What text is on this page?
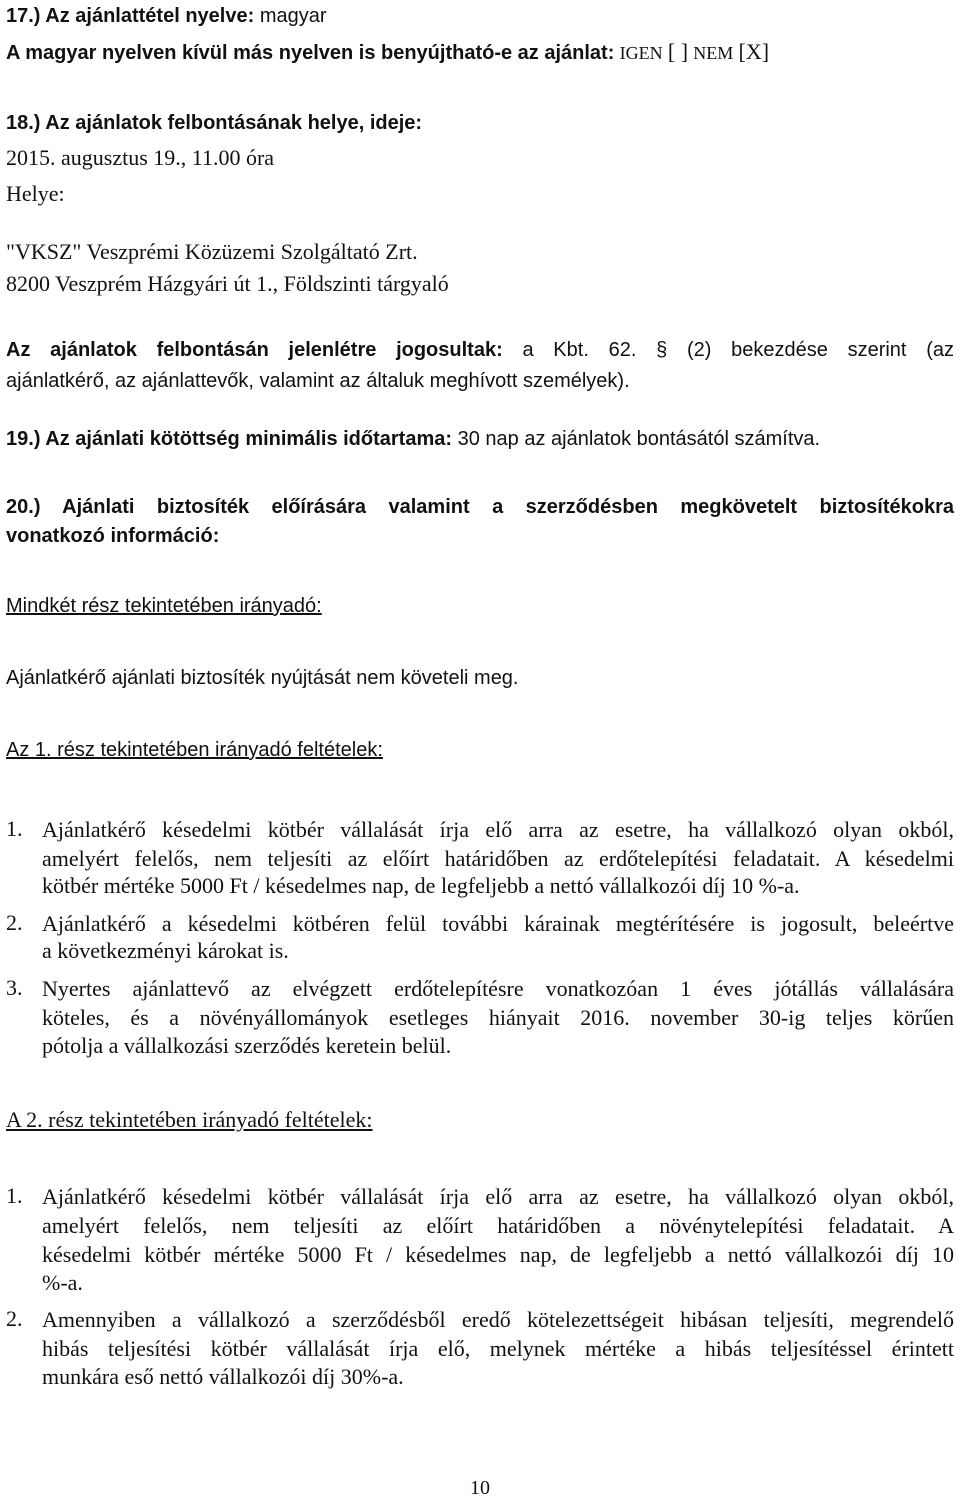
17.) Az ajánlattétel nyelve: magyar
A magyar nyelven kívül más nyelven is benyújtható-e az ajánlat: IGEN [ ] NEM [X]
18.) Az ajánlatok felbontásának helye, ideje:
2015. augusztus 19., 11.00 óra
Helye:
"VKSZ" Veszprémi Közüzemi Szolgáltató Zrt.
8200 Veszprém Házgyári út 1., Földszinti tárgyaló
Az ajánlatok felbontásán jelenlétre jogosultak: a Kbt. 62. § (2) bekezdése szerint (az
ajánlatkérő, az ajánlattevők, valamint az általuk meghívott személyek).
19.) Az ajánlati kötöttség minimális időtartama: 30 nap az ajánlatok bontásától számítva.
20.) Ajánlati biztosíték előírására valamint a szerződésben megkövetelt biztosítékokra
vonatkozó információ:
Mindkét rész tekintetében irányadó:
Ajánlatkérő ajánlati biztosíték nyújtását nem követeli meg.
Az 1. rész tekintetében irányadó feltételek:
1. Ajánlatkérő késedelmi kötbér vállalását írja elő arra az esetre, ha vállalkozó olyan okból,
amelyért felelős, nem teljesíti az előírt határidőben az erdőtelepítési feladatait. A késedelmi
kötbér mértéke 5000 Ft / késedelmes nap, de legfeljebb a nettó vállalkozói díj 10 %-a.
2. Ajánlatkérő a késedelmi kötbéren felül további kárainak megtérítésére is jogosult, beleértve
a következményi károkat is.
3. Nyertes ajánlattevő az elvégzett erdőtelepítésre vonatkozóan 1 éves jótállás vállalására
köteles, és a növényállományok esetleges hiányait 2016. november 30-ig teljes körűen
pótolja a vállalkozási szerződés keretein belül.
A 2. rész tekintetében irányadó feltételek:
1. Ajánlatkérő késedelmi kötbér vállalását írja elő arra az esetre, ha vállalkozó olyan okból,
amelyért felelős, nem teljesíti az előírt határidőben a növénytelepítési feladatait. A
késedelmi kötbér mértéke 5000 Ft / késedelmes nap, de legfeljebb a nettó vállalkozói díj 10
%-a.
2. Amennyiben a vállalkozó a szerződésből eredő kötelezettségeit hibásan teljesíti, megrendelő
hibás teljesítési kötbér vállalását írja elő, melynek mértéke a hibás teljesítéssel érintett
munkára eső nettó vállalkozói díj 30%-a.
10
